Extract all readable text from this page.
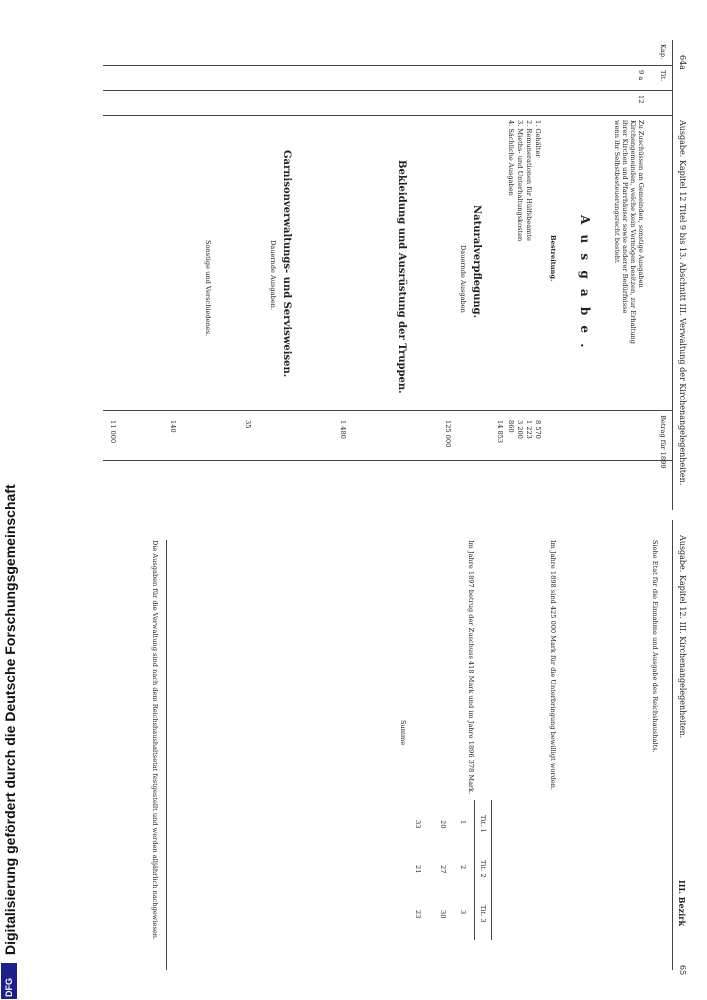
64a
Ausgabe. Kapitel 12 Titel 9 bis 13. Abschnitt III. Verwaltung der Kirchenangelegenheiten.
Ausgabe. Kapitel 12. III. Kirchenangelegenheiten.
III. Bezirk
65
Kap.
Tit.
Betrag für 1899
9 a
12
Zu Zuschüssen an Gemeinden, sonstige Ausgaben
Kirchengemeinden, welche kein Vermögen besitzen, zur Erhaltung
ihrer Kirchen und Pfarrhäuser sowie anderer Bedürfnisse
wenn ihr Selbstbesteuerungsrecht besteht
A u s g a b e .
Bestreitung.
1. Gehälter
8 570
2. Remunerationen für Hülfsbeamte
1 223
3. Mieths- und Unterhaltungskosten
3 200
4. Sächliche Ausgaben
860
14 853
Naturalverpflegung.
Dauernde Ausgaben
125 000
Bekleidung und Ausrüstung der Truppen.
1 480
Garnisonverwaltungs- und Servisweisen.
Dauernde Ausgaben.
35
Sonstige und Verschiedenes.
140
11 000
Siehe Etat für die Einnahme und Ausgabe des Reichshaushalts.
Im Jahre 1898 sind 425 000 Mark für die Unterbringung bewilligt worden.
Im Jahre 1897 betrug der Zuschuss 418 Mark und im Jahre 1896 378 Mark.
Summe
Tit. 1
Tit. 2
Tit. 3
1
2
3
20
27
30
33
21
23
Die Ausgaben für die Verwaltung sind nach dem Reichshaushaltsetat festgestellt und werden alljährlich nachgewiesen.
Digitalisierung gefördert durch die Deutsche Forschungsgemeinschaft
DFG
